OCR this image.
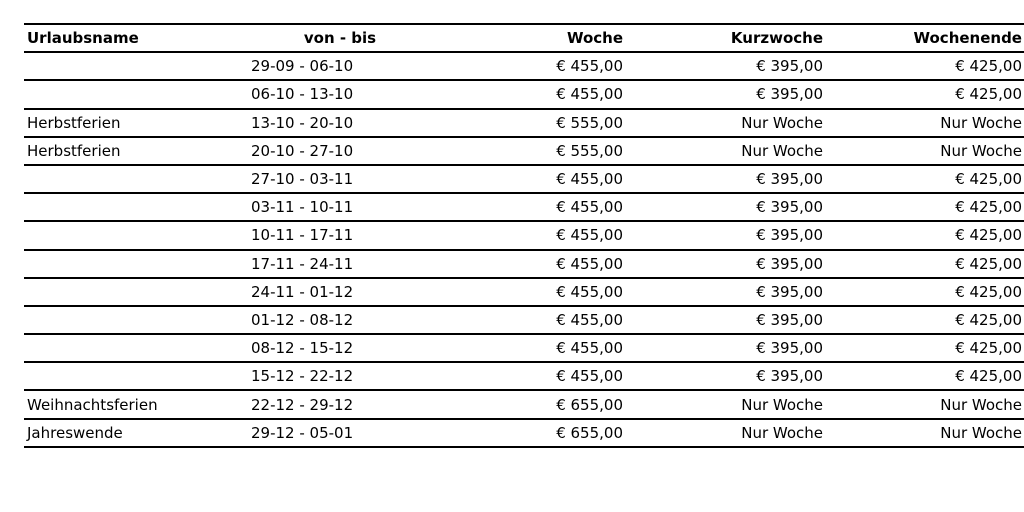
Urlaubsname	von - bis	Woche	Kurzwoche	Wochenende
	29-09 - 06-10	€ 455,00	€ 395,00	€ 425,00
	06-10 - 13-10	€ 455,00	€ 395,00	€ 425,00
Herbstferien	13-10 - 20-10	€ 555,00	Nur Woche	Nur Woche
Herbstferien	20-10 - 27-10	€ 555,00	Nur Woche	Nur Woche
	27-10 - 03-11	€ 455,00	€ 395,00	€ 425,00
	03-11 - 10-11	€ 455,00	€ 395,00	€ 425,00
	10-11 - 17-11	€ 455,00	€ 395,00	€ 425,00
	17-11 - 24-11	€ 455,00	€ 395,00	€ 425,00
	24-11 - 01-12	€ 455,00	€ 395,00	€ 425,00
	01-12 - 08-12	€ 455,00	€ 395,00	€ 425,00
	08-12 - 15-12	€ 455,00	€ 395,00	€ 425,00
	15-12 - 22-12	€ 455,00	€ 395,00	€ 425,00
Weihnachtsferien	22-12 - 29-12	€ 655,00	Nur Woche	Nur Woche
Jahreswende	29-12 - 05-01	€ 655,00	Nur Woche	Nur Woche
